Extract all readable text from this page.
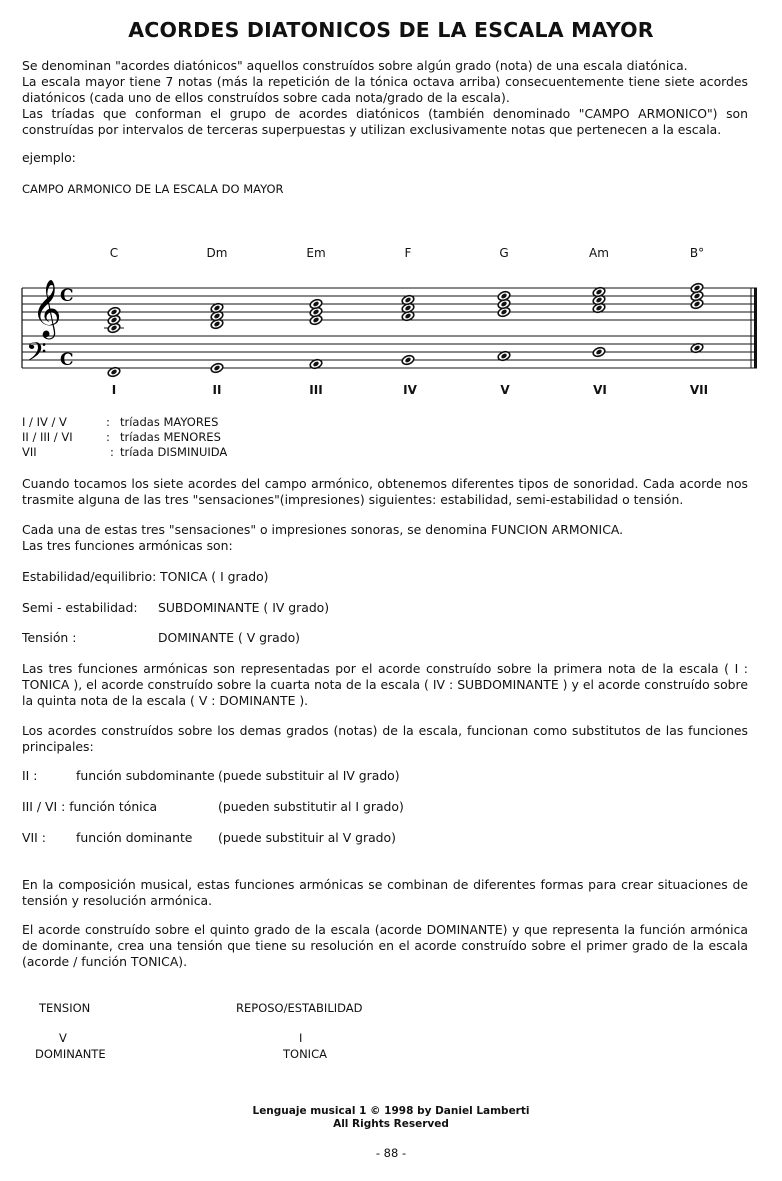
ACORDES DIATONICOS DE LA ESCALA MAYOR
Se denominan "acordes diatónicos" aquellos construídos sobre algún grado (nota) de una escala diatónica.
La escala mayor tiene 7 notas (más la repetición de la tónica octava arriba) consecuentemente tiene siete acordes diatónicos (cada uno de ellos construídos sobre cada nota/grado de la escala).
Las tríadas que conforman el grupo de acordes diatónicos (también denominado "CAMPO ARMONICO") son construídas por intervalos de terceras superpuestas y utilizan exclusivamente notas que pertenecen a la escala.
ejemplo:
CAMPO ARMONICO DE LA ESCALA DO MAYOR
C	Dm	Em	F	G	Am	B°
𝄞
𝄢
C
C
I	II	III	IV	V	VI	VII
I / IV / V	: tríadas MAYORES
II / III / VI	: tríadas MENORES
VII	: tríada DISMINUIDA
Cuando tocamos los siete acordes del campo armónico, obtenemos diferentes tipos de sonoridad. Cada acorde nos trasmite alguna de las tres "sensaciones"(impresiones) siguientes: estabilidad, semi-estabilidad o tensión.
Cada una de estas tres "sensaciones" o impresiones sonoras, se denomina FUNCION ARMONICA.
Las tres funciones armónicas son:
Estabilidad/equilibrio: TONICA ( I grado)
Semi - estabilidad: SUBDOMINANTE ( IV grado)
Tensión :	DOMINANTE ( V grado)
Las tres funciones armónicas son representadas por el acorde construído sobre la primera nota de la escala ( I : TONICA ), el acorde construído sobre la cuarta nota de la escala ( IV : SUBDOMINANTE ) y el acorde construído sobre la quinta nota de la escala ( V : DOMINANTE ).
Los acordes construídos sobre los demas grados (notas) de la escala, funcionan como substitutos de las funciones principales:
II :	función subdominante (puede substituir al IV grado)
III / VI : función tónica	(pueden substitutir al I grado)
VII : función dominante (puede substituir al V grado)
En la composición musical, estas funciones armónicas se combinan de diferentes formas para crear situaciones de tensión y resolución armónica.
El acorde construído sobre el quinto grado de la escala (acorde DOMINANTE) y que representa la función armónica de dominante, crea una tensión que tiene su resolución en el acorde construído sobre el primer grado de la escala (acorde / función TONICA).
TENSION
V
DOMINANTE
REPOSO/ESTABILIDAD
I
TONICA
Lenguaje musical 1 © 1998 by Daniel Lamberti
All Rights Reserved
- 88 -
